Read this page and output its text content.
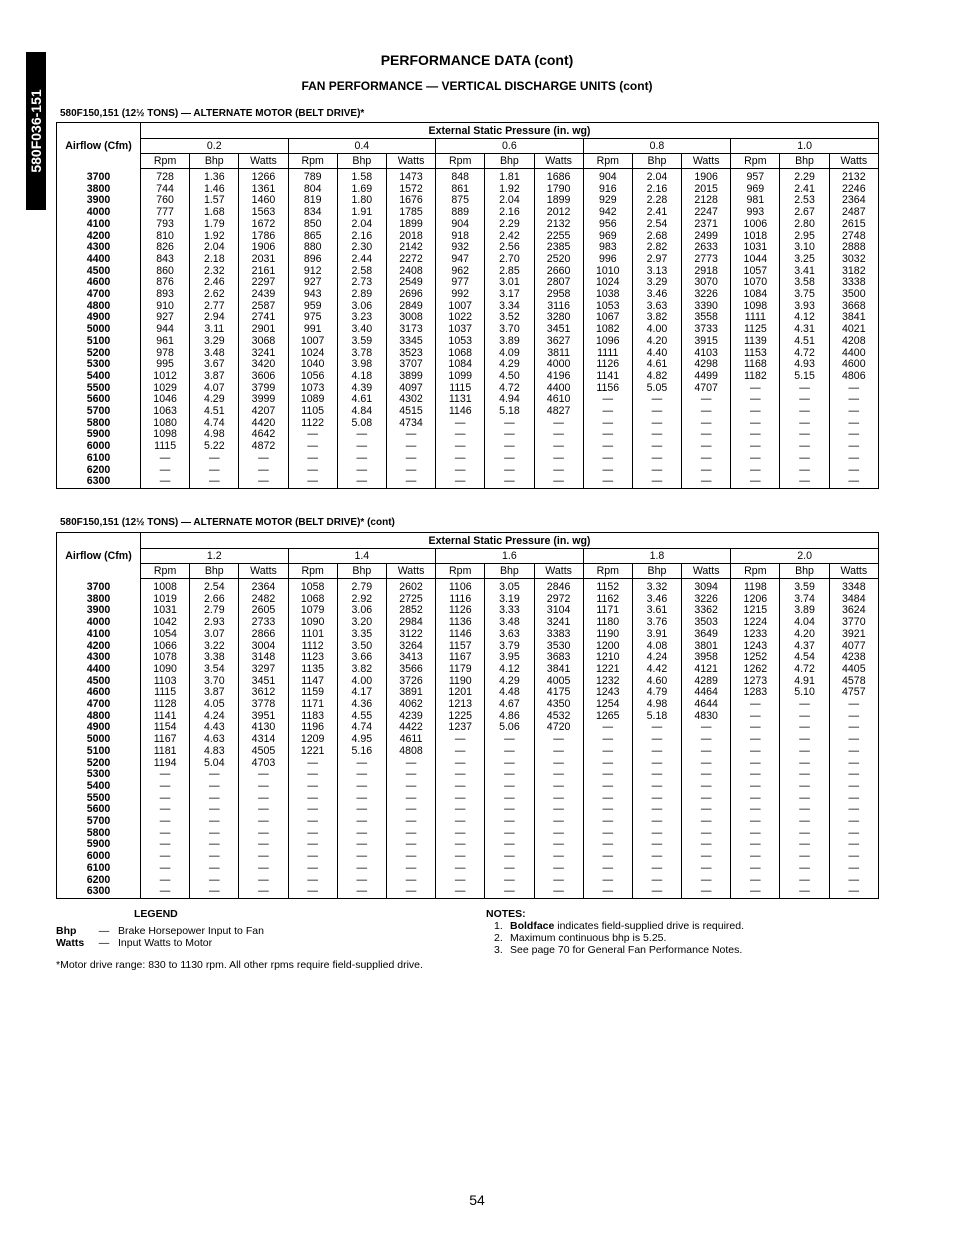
580F036-151
PERFORMANCE DATA (cont)
FAN PERFORMANCE — VERTICAL DISCHARGE UNITS (cont)
580F150,151 (12½ TONS) — ALTERNATE MOTOR (BELT DRIVE)*
Airflow (Cfm)	External Static Pressure (in. wg)														
	0.2			0.4			0.6			0.8			1.0		
	Rpm	Bhp	Watts	Rpm	Bhp	Watts	Rpm	Bhp	Watts	Rpm	Bhp	Watts	Rpm	Bhp	Watts
3700	728	1.36	1266	789	1.58	1473	848	1.81	1686	904	2.04	1906	957	2.29	2132
3800	744	1.46	1361	804	1.69	1572	861	1.92	1790	916	2.16	2015	969	2.41	2246
3900	760	1.57	1460	819	1.80	1676	875	2.04	1899	929	2.28	2128	981	2.53	2364
4000	777	1.68	1563	834	1.91	1785	889	2.16	2012	942	2.41	2247	993	2.67	2487
4100	793	1.79	1672	850	2.04	1899	904	2.29	2132	956	2.54	2371	1006	2.80	2615
4200	810	1.92	1786	865	2.16	2018	918	2.42	2255	969	2.68	2499	1018	2.95	2748
4300	826	2.04	1906	880	2.30	2142	932	2.56	2385	983	2.82	2633	1031	3.10	2888
4400	843	2.18	2031	896	2.44	2272	947	2.70	2520	996	2.97	2773	1044	3.25	3032
4500	860	2.32	2161	912	2.58	2408	962	2.85	2660	1010	3.13	2918	1057	3.41	3182
4600	876	2.46	2297	927	2.73	2549	977	3.01	2807	1024	3.29	3070	1070	3.58	3338
4700	893	2.62	2439	943	2.89	2696	992	3.17	2958	1038	3.46	3226	1084	3.75	3500
4800	910	2.77	2587	959	3.06	2849	1007	3.34	3116	1053	3.63	3390	1098	3.93	3668
4900	927	2.94	2741	975	3.23	3008	1022	3.52	3280	1067	3.82	3558	1111	4.12	3841
5000	944	3.11	2901	991	3.40	3173	1037	3.70	3451	1082	4.00	3733	1125	4.31	4021
5100	961	3.29	3068	1007	3.59	3345	1053	3.89	3627	1096	4.20	3915	1139	4.51	4208
5200	978	3.48	3241	1024	3.78	3523	1068	4.09	3811	1111	4.40	4103	1153	4.72	4400
5300	995	3.67	3420	1040	3.98	3707	1084	4.29	4000	1126	4.61	4298	1168	4.93	4600
5400	1012	3.87	3606	1056	4.18	3899	1099	4.50	4196	1141	4.82	4499	1182	5.15	4806
5500	1029	4.07	3799	1073	4.39	4097	1115	4.72	4400	1156	5.05	4707	—	—	—
5600	1046	4.29	3999	1089	4.61	4302	1131	4.94	4610	—	—	—	—	—	—
5700	1063	4.51	4207	1105	4.84	4515	1146	5.18	4827	—	—	—	—	—	—
5800	1080	4.74	4420	1122	5.08	4734	—	—	—	—	—	—	—	—	—
5900	1098	4.98	4642	—	—	—	—	—	—	—	—	—	—	—	—
6000	1115	5.22	4872	—	—	—	—	—	—	—	—	—	—	—	—
6100	—	—	—	—	—	—	—	—	—	—	—	—	—	—	—
6200	—	—	—	—	—	—	—	—	—	—	—	—	—	—	—
6300	—	—	—	—	—	—	—	—	—	—	—	—	—	—	—
580F150,151 (12½ TONS) — ALTERNATE MOTOR (BELT DRIVE)* (cont)
Airflow (Cfm)	External Static Pressure (in. wg)														
	1.2			1.4			1.6			1.8			2.0		
	Rpm	Bhp	Watts	Rpm	Bhp	Watts	Rpm	Bhp	Watts	Rpm	Bhp	Watts	Rpm	Bhp	Watts
3700	1008	2.54	2364	1058	2.79	2602	1106	3.05	2846	1152	3.32	3094	1198	3.59	3348
3800	1019	2.66	2482	1068	2.92	2725	1116	3.19	2972	1162	3.46	3226	1206	3.74	3484
3900	1031	2.79	2605	1079	3.06	2852	1126	3.33	3104	1171	3.61	3362	1215	3.89	3624
4000	1042	2.93	2733	1090	3.20	2984	1136	3.48	3241	1180	3.76	3503	1224	4.04	3770
4100	1054	3.07	2866	1101	3.35	3122	1146	3.63	3383	1190	3.91	3649	1233	4.20	3921
4200	1066	3.22	3004	1112	3.50	3264	1157	3.79	3530	1200	4.08	3801	1243	4.37	4077
4300	1078	3.38	3148	1123	3.66	3413	1167	3.95	3683	1210	4.24	3958	1252	4.54	4238
4400	1090	3.54	3297	1135	3.82	3566	1179	4.12	3841	1221	4.42	4121	1262	4.72	4405
4500	1103	3.70	3451	1147	4.00	3726	1190	4.29	4005	1232	4.60	4289	1273	4.91	4578
4600	1115	3.87	3612	1159	4.17	3891	1201	4.48	4175	1243	4.79	4464	1283	5.10	4757
4700	1128	4.05	3778	1171	4.36	4062	1213	4.67	4350	1254	4.98	4644	—	—	—
4800	1141	4.24	3951	1183	4.55	4239	1225	4.86	4532	1265	5.18	4830	—	—	—
4900	1154	4.43	4130	1196	4.74	4422	1237	5.06	4720	—	—	—	—	—	—
5000	1167	4.63	4314	1209	4.95	4611	—	—	—	—	—	—	—	—	—
5100	1181	4.83	4505	1221	5.16	4808	—	—	—	—	—	—	—	—	—
5200	1194	5.04	4703	—	—	—	—	—	—	—	—	—	—	—	—
5300	—	—	—	—	—	—	—	—	—	—	—	—	—	—	—
5400	—	—	—	—	—	—	—	—	—	—	—	—	—	—	—
5500	—	—	—	—	—	—	—	—	—	—	—	—	—	—	—
5600	—	—	—	—	—	—	—	—	—	—	—	—	—	—	—
5700	—	—	—	—	—	—	—	—	—	—	—	—	—	—	—
5800	—	—	—	—	—	—	—	—	—	—	—	—	—	—	—
5900	—	—	—	—	—	—	—	—	—	—	—	—	—	—	—
6000	—	—	—	—	—	—	—	—	—	—	—	—	—	—	—
6100	—	—	—	—	—	—	—	—	—	—	—	—	—	—	—
6200	—	—	—	—	—	—	—	—	—	—	—	—	—	—	—
6300	—	—	—	—	—	—	—	—	—	—	—	—	—	—	—
LEGEND
Bhp	— Brake Horsepower Input to Fan
Watts	— Input Watts to Motor
*Motor drive range: 830 to 1130 rpm. All other rpms require field-supplied drive.
NOTES:
1. Boldface indicates field-supplied drive is required.
2. Maximum continuous bhp is 5.25.
3. See page 70 for General Fan Performance Notes.
54
